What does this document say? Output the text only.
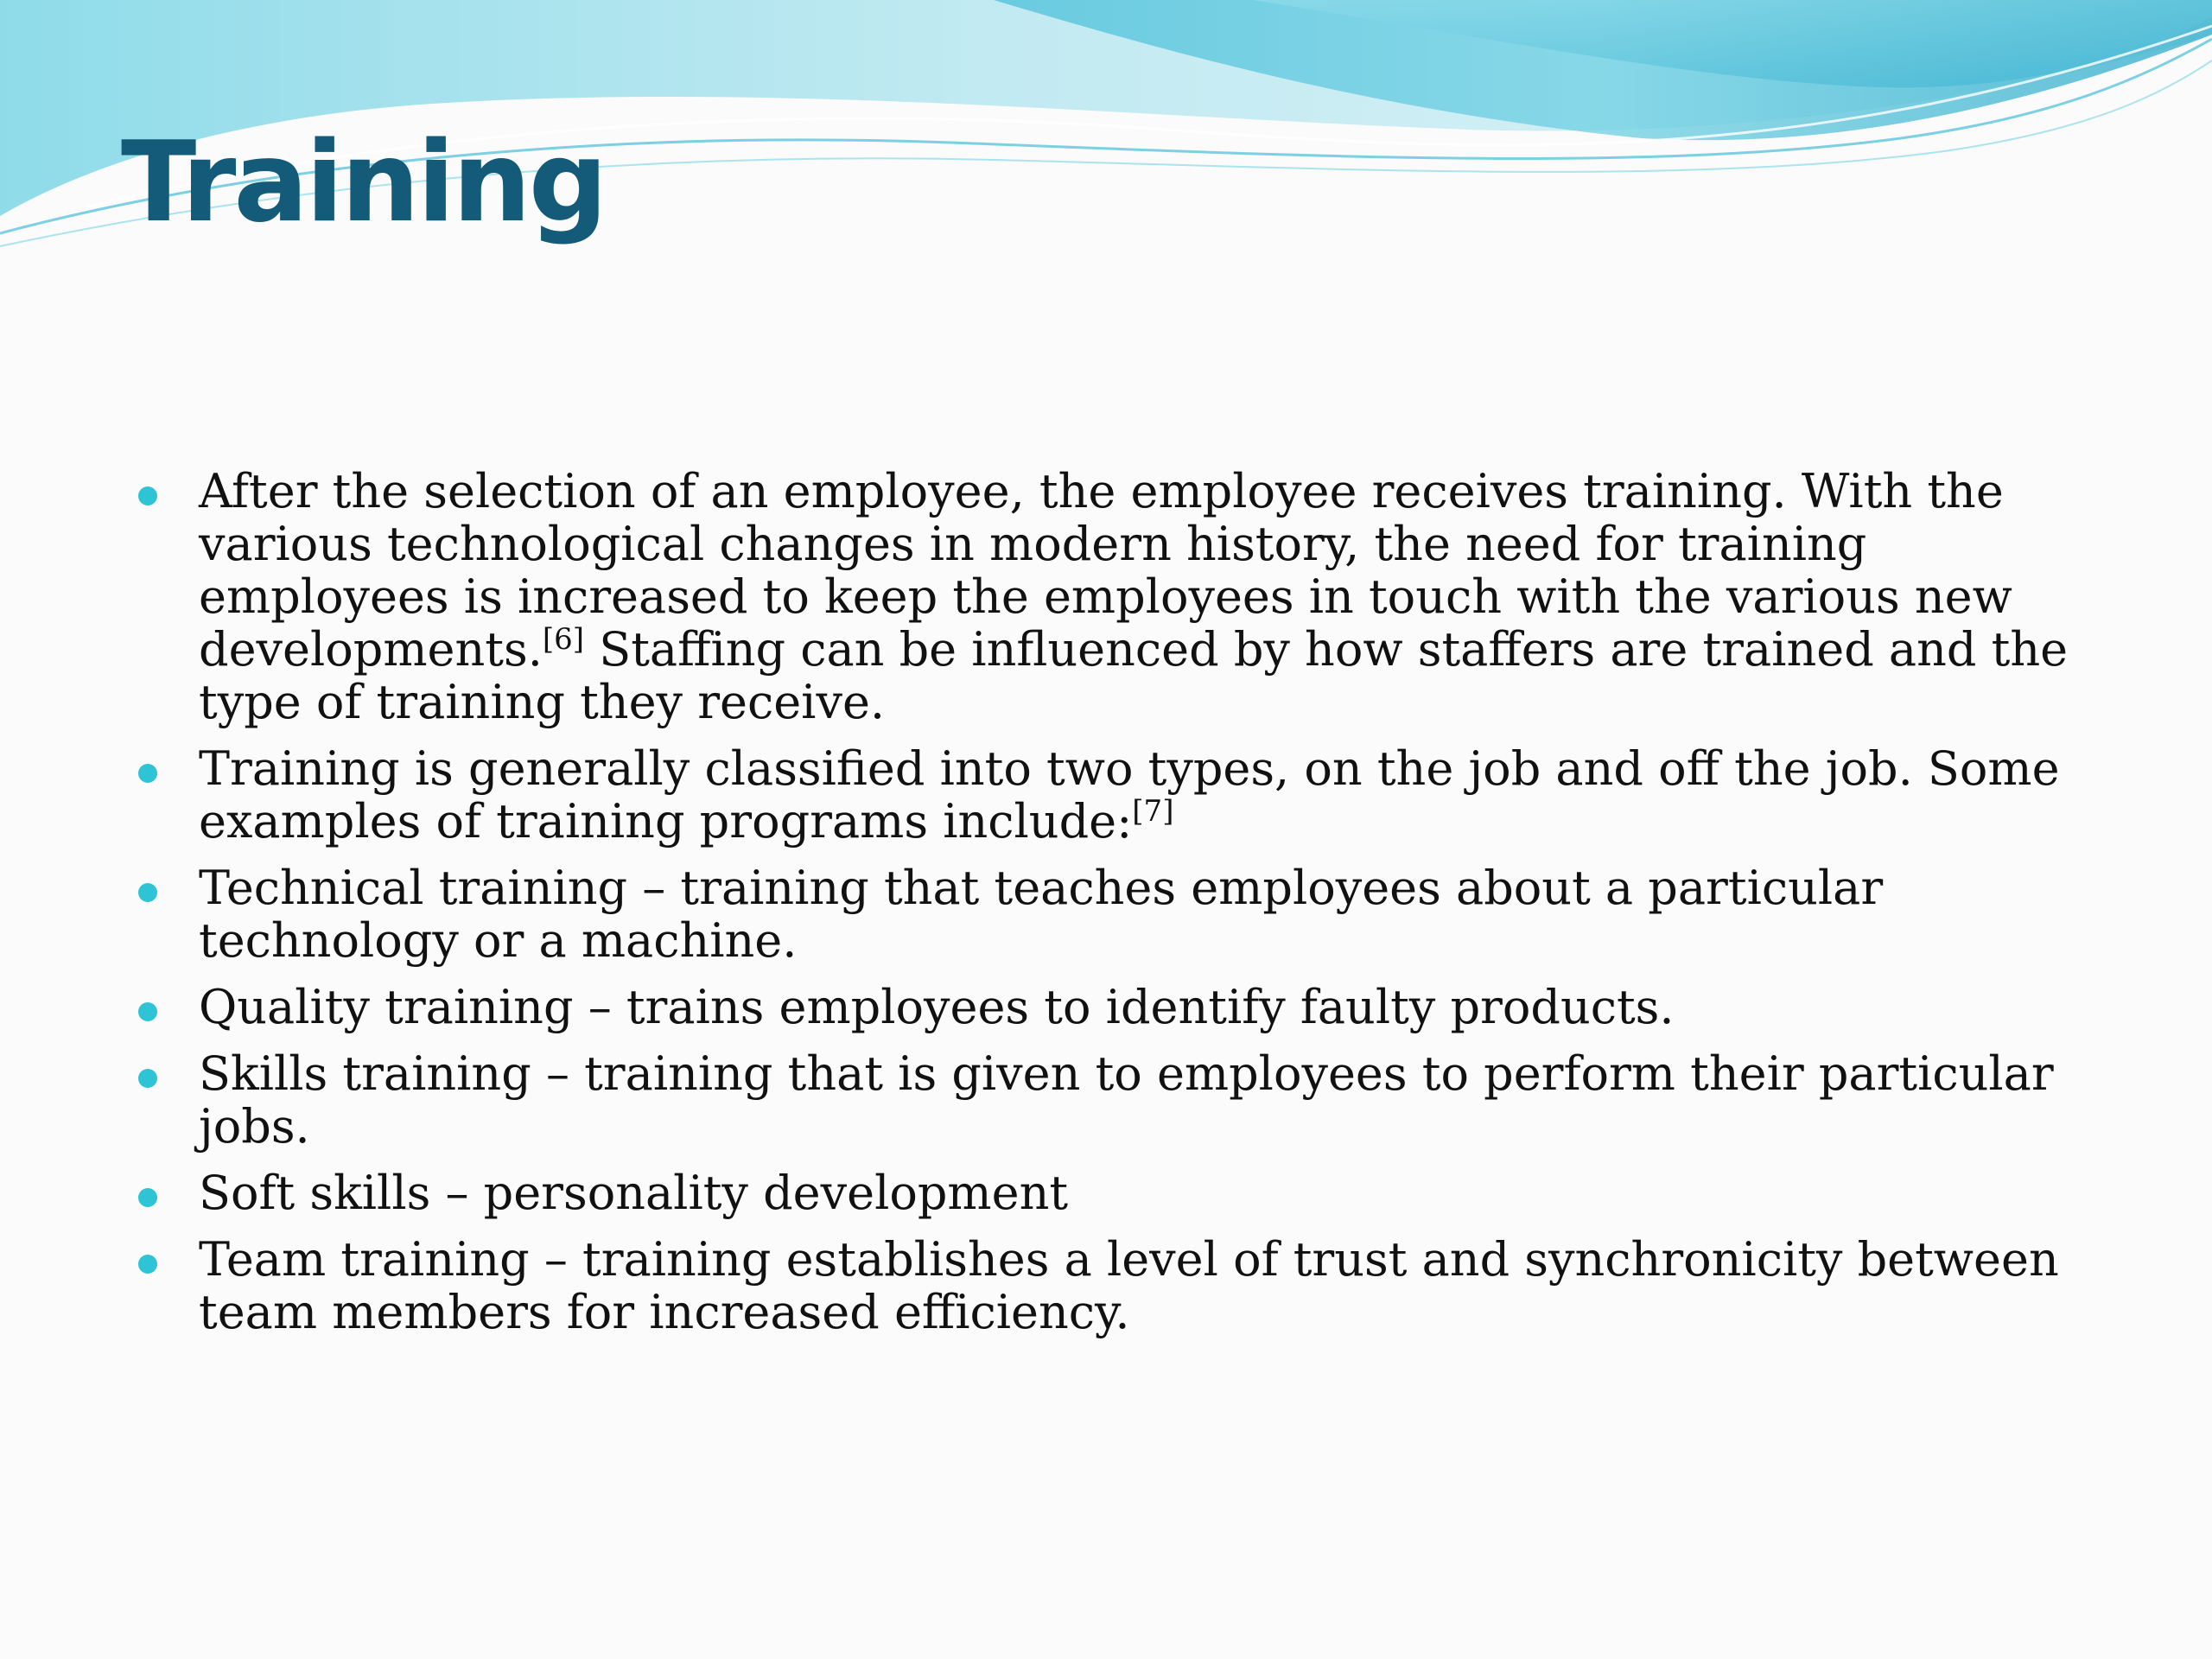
Training
After the selection of an employee, the employee receives training. With the various technological changes in modern history, the need for training employees is increased to keep the employees in touch with the various new developments.[6] Staffing can be influenced by how staffers are trained and the type of training they receive.
Training is generally classified into two types, on the job and off the job. Some examples of training programs include:[7]
Technical training – training that teaches employees about a particular technology or a machine.
Quality training – trains employees to identify faulty products.
Skills training – training that is given to employees to perform their particular jobs.
Soft skills – personality development
Team training – training establishes a level of trust and synchronicity between team members for increased efficiency.
